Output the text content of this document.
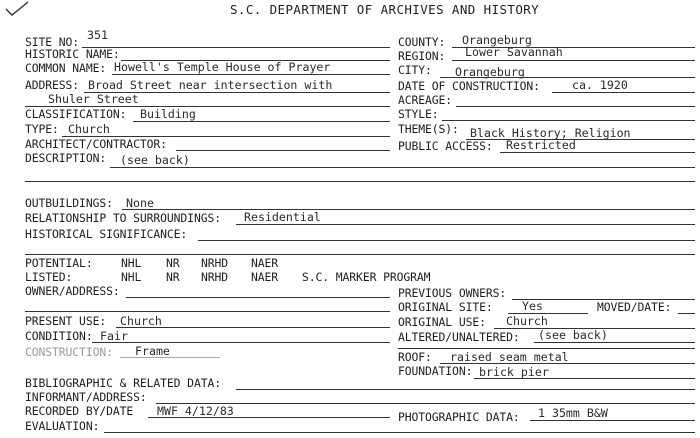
S.C. DEPARTMENT OF ARCHIVES AND HISTORY
SITE NO: 351
HISTORIC NAME:
COMMON NAME: Howell's Temple House of Prayer
ADDRESS: Broad Street near intersection with
Shuler Street
CLASSIFICATION: Building
TYPE: Church
ARCHITECT/CONTRACTOR:
DESCRIPTION: (see back)
COUNTY: Orangeburg
REGION: Lower Savannah
CITY: Orangeburg
DATE OF CONSTRUCTION:	ca. 1920
ACREAGE:
STYLE:
THEME(S): Black History; Religion
PUBLIC ACCESS: Restricted
OUTBUILDINGS: None
RELATIONSHIP TO SURROUNDINGS: Residential
HISTORICAL SIGNIFICANCE:
POTENTIAL: NHL NR NRHD NAER
LISTED:	NHL NR NRHD NAER S.C. MARKER PROGRAM
OWNER/ADDRESS:
PRESENT USE: Church
CONDITION: Fair
CONSTRUCTION: Frame
BIBLIOGRAPHIC & RELATED DATA:
INFORMANT/ADDRESS:
RECORDED BY/DATE MWF 4/12/83
EVALUATION:
PREVIOUS OWNERS:
ORIGINAL SITE:	Yes	MOVED/DATE:
ORIGINAL USE: Church
ALTERED/UNALTERED: (see back)
ROOF: raised seam metal
FOUNDATION: brick pier
PHOTOGRAPHIC DATA: 1 35mm B&W
